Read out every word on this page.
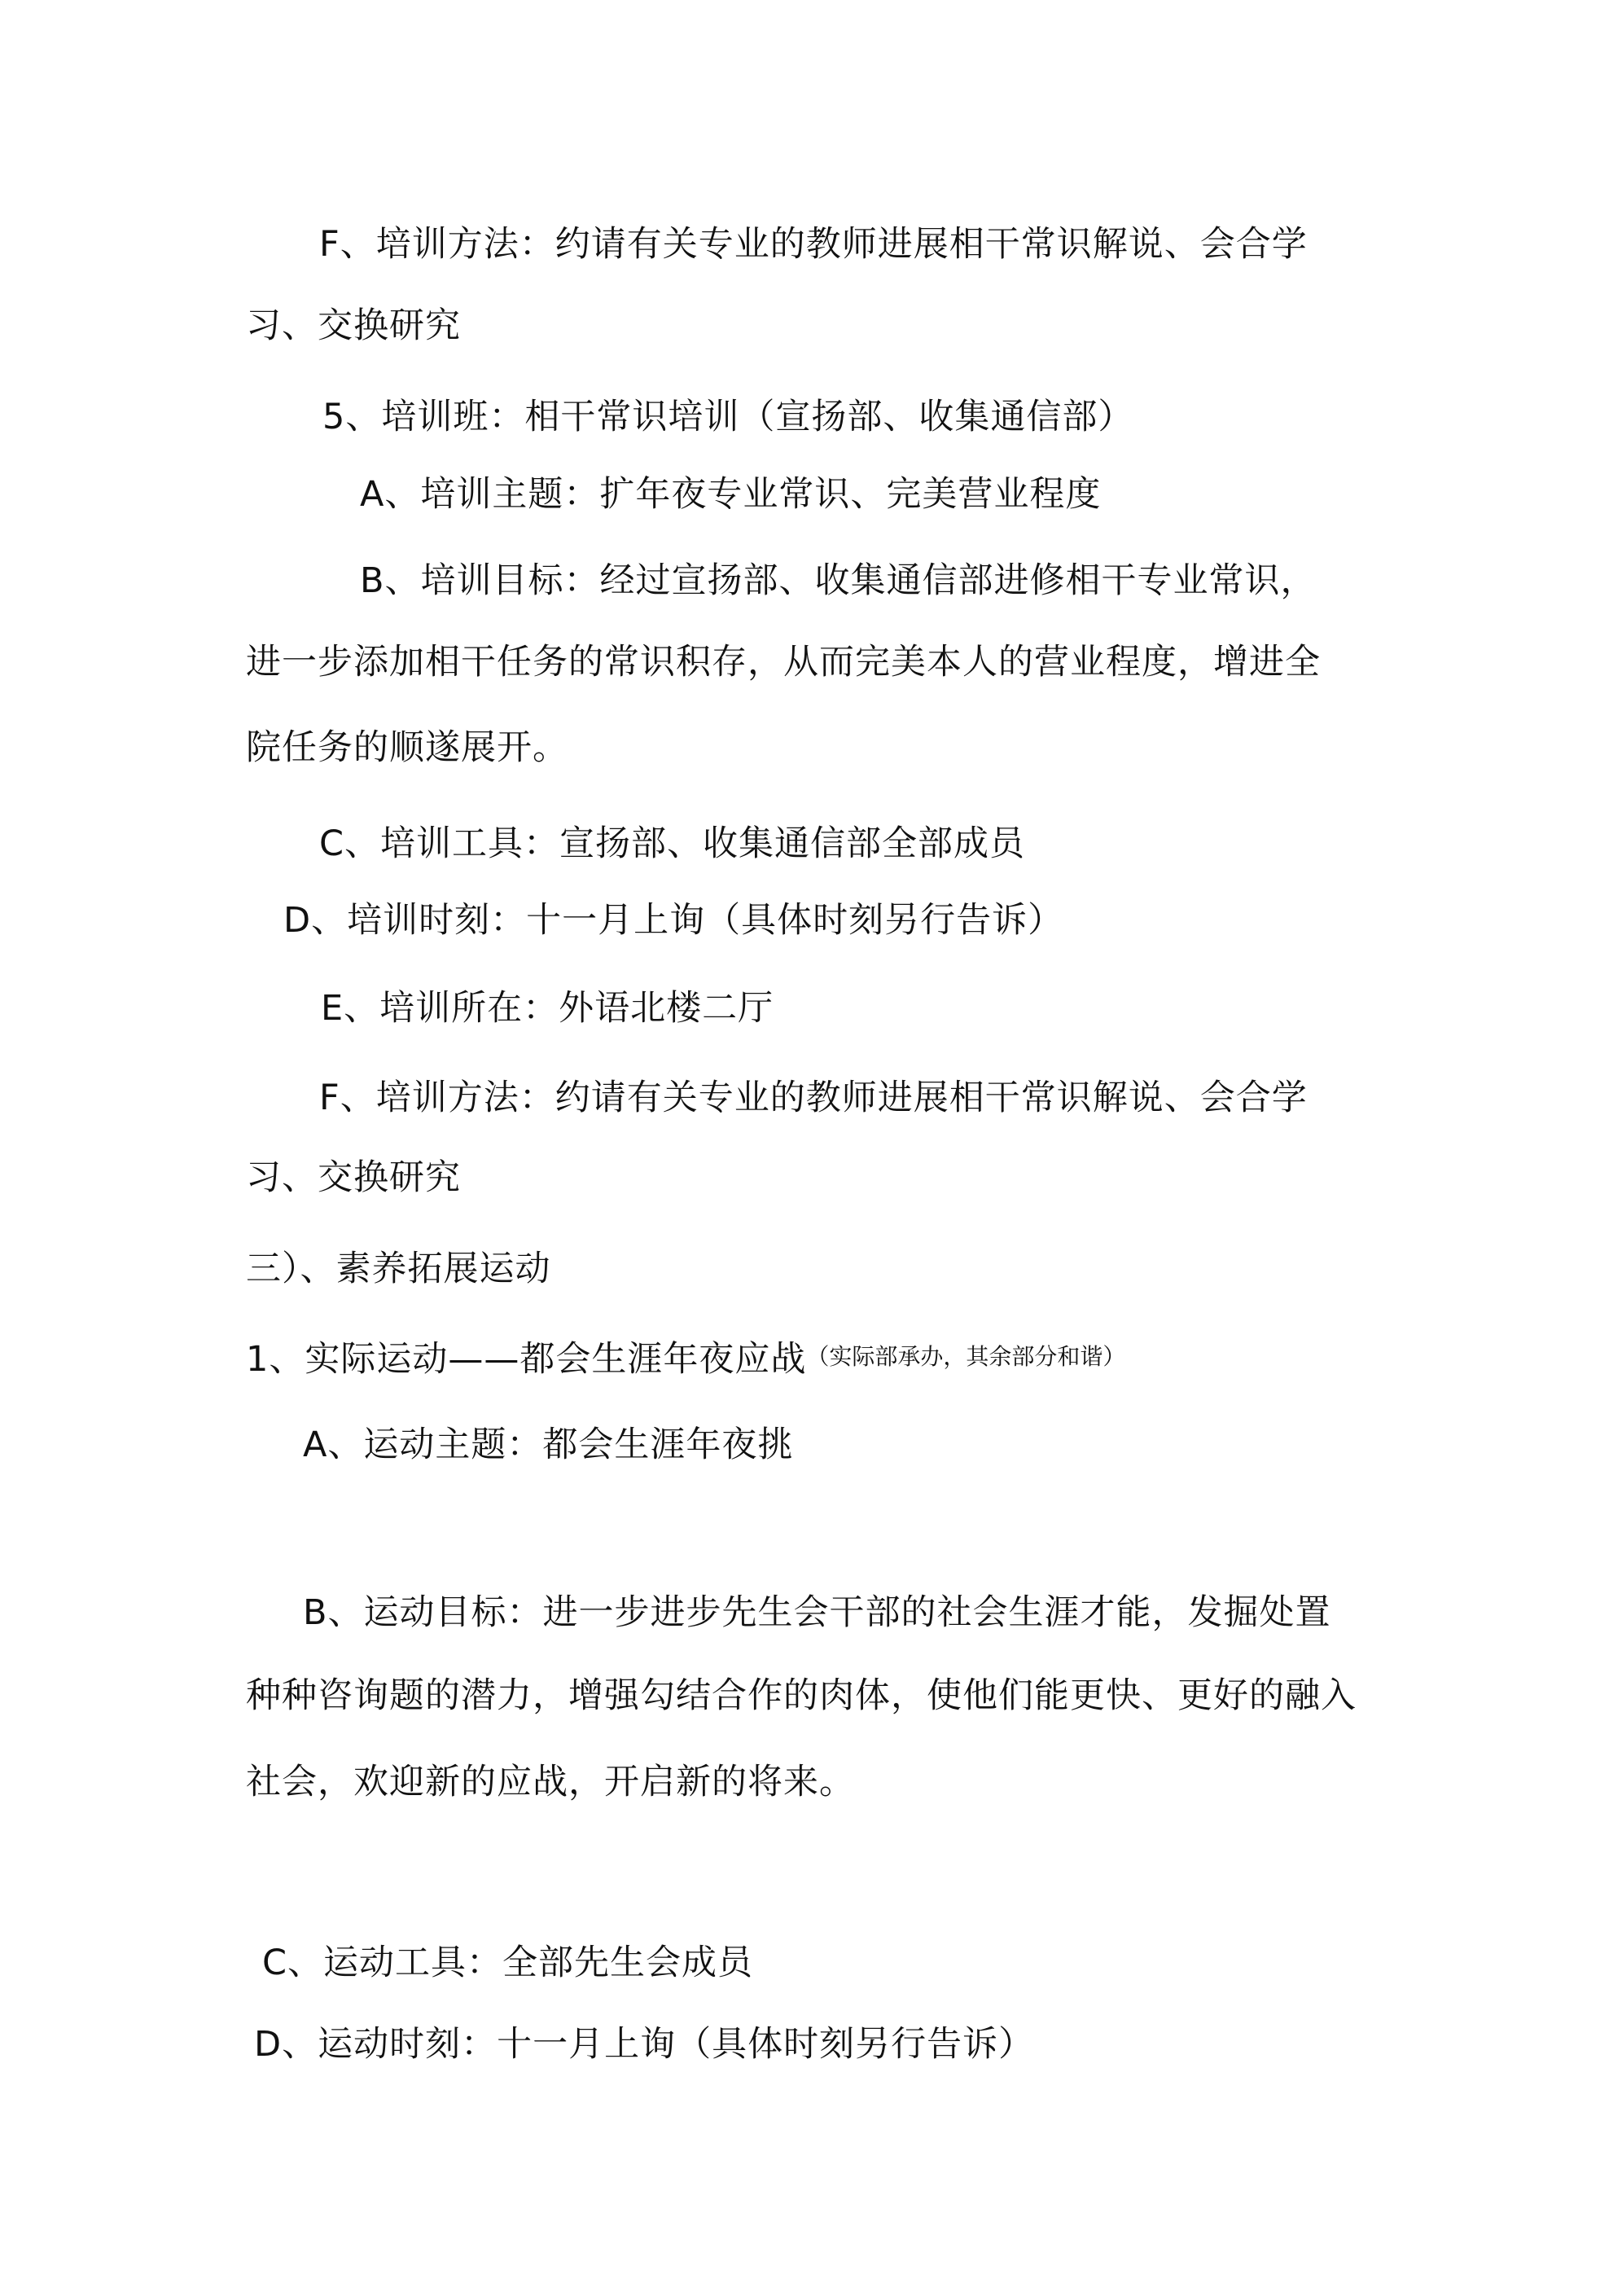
F、培训方法：约请有关专业的教师进展相干常识解说、会合学
习、交换研究
5、培训班：相干常识培训（宣扬部、收集通信部）
A、培训主题：扩年夜专业常识、完美营业程度
B、培训目标：经过宣扬部、收集通信部进修相干专业常识，
进一步添加相干任务的常识积存，从而完美本人的营业程度，增进全
院任务的顺遂展开。
C、培训工具：宣扬部、收集通信部全部成员
D、培训时刻：十一月上询（具体时刻另行告诉）
E、培训所在：外语北楼二厅
F、培训方法：约请有关专业的教师进展相干常识解说、会合学
习、交换研究
三）、素养拓展运动
1、实际运动——都会生涯年夜应战（实际部承办，其余部分和谐）
A、运动主题：都会生涯年夜挑
B、运动目标：进一步进步先生会干部的社会生涯才能，发掘处置
种种咨询题的潜力，增强勾结合作的肉体，使他们能更快、更好的融入
社会，欢迎新的应战，开启新的将来。
C、运动工具：全部先生会成员
D、运动时刻：十一月上询（具体时刻另行告诉）
